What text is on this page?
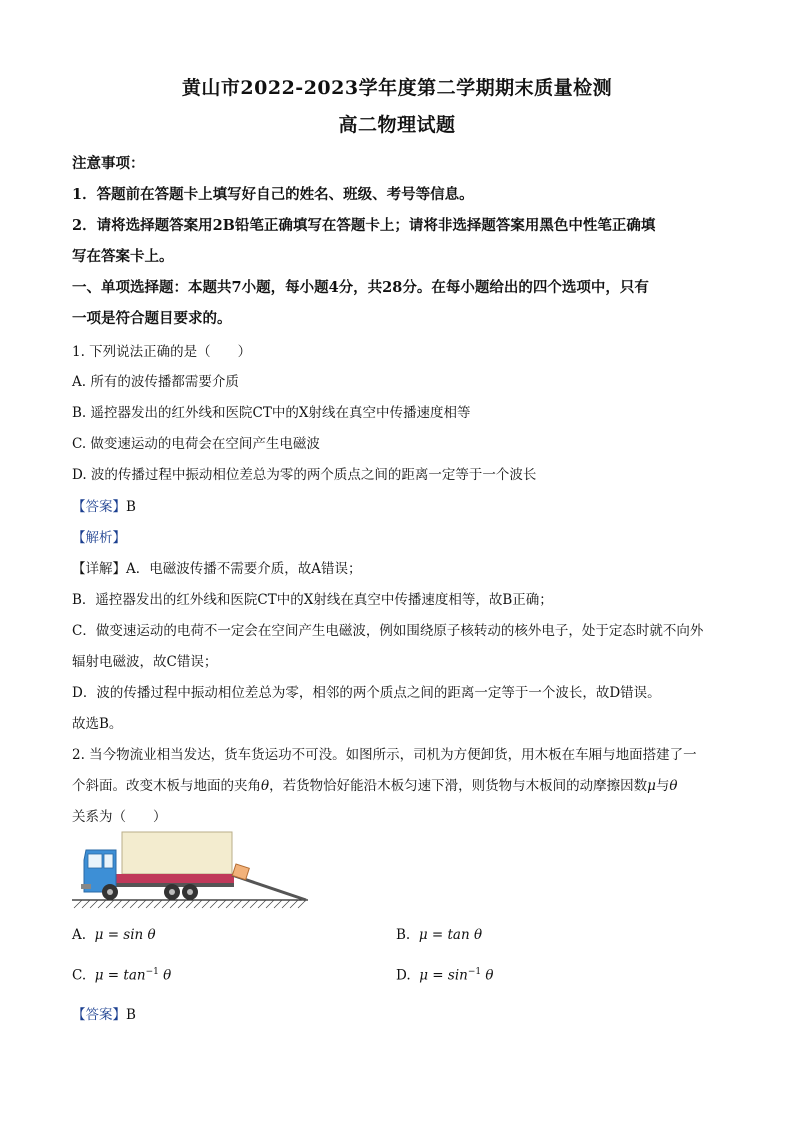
黄山市2022-2023学年度第二学期期末质量检测
高二物理试题
注意事项：
1．答题前在答题卡上填写好自己的姓名、班级、考号等信息。
2．请将选择题答案用2B铅笔正确填写在答题卡上；请将非选择题答案用黑色中性笔正确填
写在答案卡上。
一、单项选择题：本题共7小题，每小题4分，共28分。在每小题给出的四个选项中，只有
一项是符合题目要求的。
1. 下列说法正确的是（　　）
A. 所有的波传播都需要介质
B. 遥控器发出的红外线和医院CT中的X射线在真空中传播速度相等
C. 做变速运动的电荷会在空间产生电磁波
D. 波的传播过程中振动相位差总为零的两个质点之间的距离一定等于一个波长
【答案】B
【解析】
【详解】A．电磁波传播不需要介质，故A错误；
B．遥控器发出的红外线和医院CT中的X射线在真空中传播速度相等，故B正确；
C．做变速运动的电荷不一定会在空间产生电磁波，例如围绕原子核转动的核外电子，处于定态时就不向外
辐射电磁波，故C错误；
D．波的传播过程中振动相位差总为零，相邻的两个质点之间的距离一定等于一个波长，故D错误。
故选B。
2. 当今物流业相当发达，货车货运功不可没。如图所示，司机为方便卸货，用木板在车厢与地面搭建了一
个斜面。改变木板与地面的夹角θ，若货物恰好能沿木板匀速下滑，则货物与木板间的动摩擦因数μ与θ
关系为（　　）
A. μ = sin θ	B. μ = tan θ
C. $\mu = \tan^{-1} \theta$	D. $\mu = \sin^{-1} \theta$
【答案】B
